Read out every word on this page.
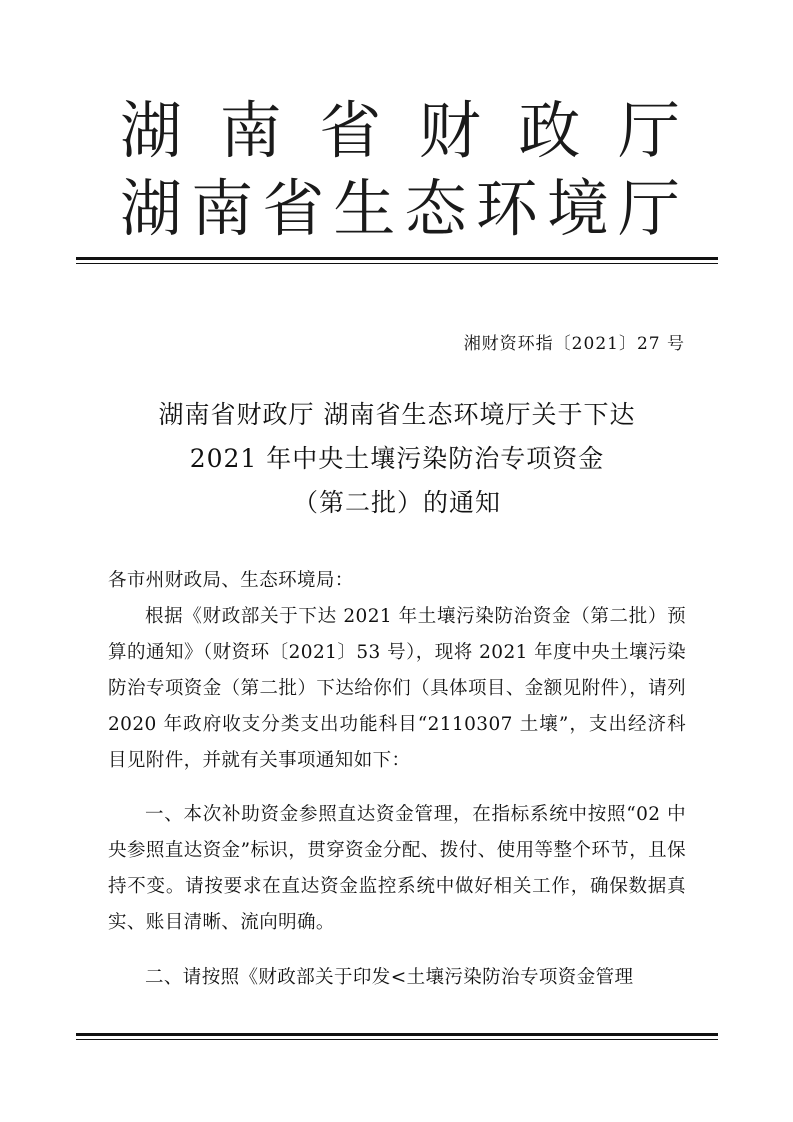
湖 南 省 财 政 厅
湖 南 省 生 态 环 境 厅
湘财资环指〔2021〕27 号
湖南省财政厅 湖南省生态环境厅关于下达
2021 年中央土壤污染防治专项资金
（第二批）的通知
各市州财政局、生态环境局：
根据《财政部关于下达 2021 年土壤污染防治资金（第二批）预算的通知》（财资环〔2021〕53 号），现将 2021 年度中央土壤污染防治专项资金（第二批）下达给你们（具体项目、金额见附件），请列 2020 年政府收支分类支出功能科目“2110307 土壤”，支出经济科目见附件，并就有关事项通知如下：
一、本次补助资金参照直达资金管理，在指标系统中按照“02 中央参照直达资金”标识，贯穿资金分配、拨付、使用等整个环节，且保持不变。请按要求在直达资金监控系统中做好相关工作，确保数据真实、账目清晰、流向明确。
二、请按照《财政部关于印发<土壤污染防治专项资金管理
